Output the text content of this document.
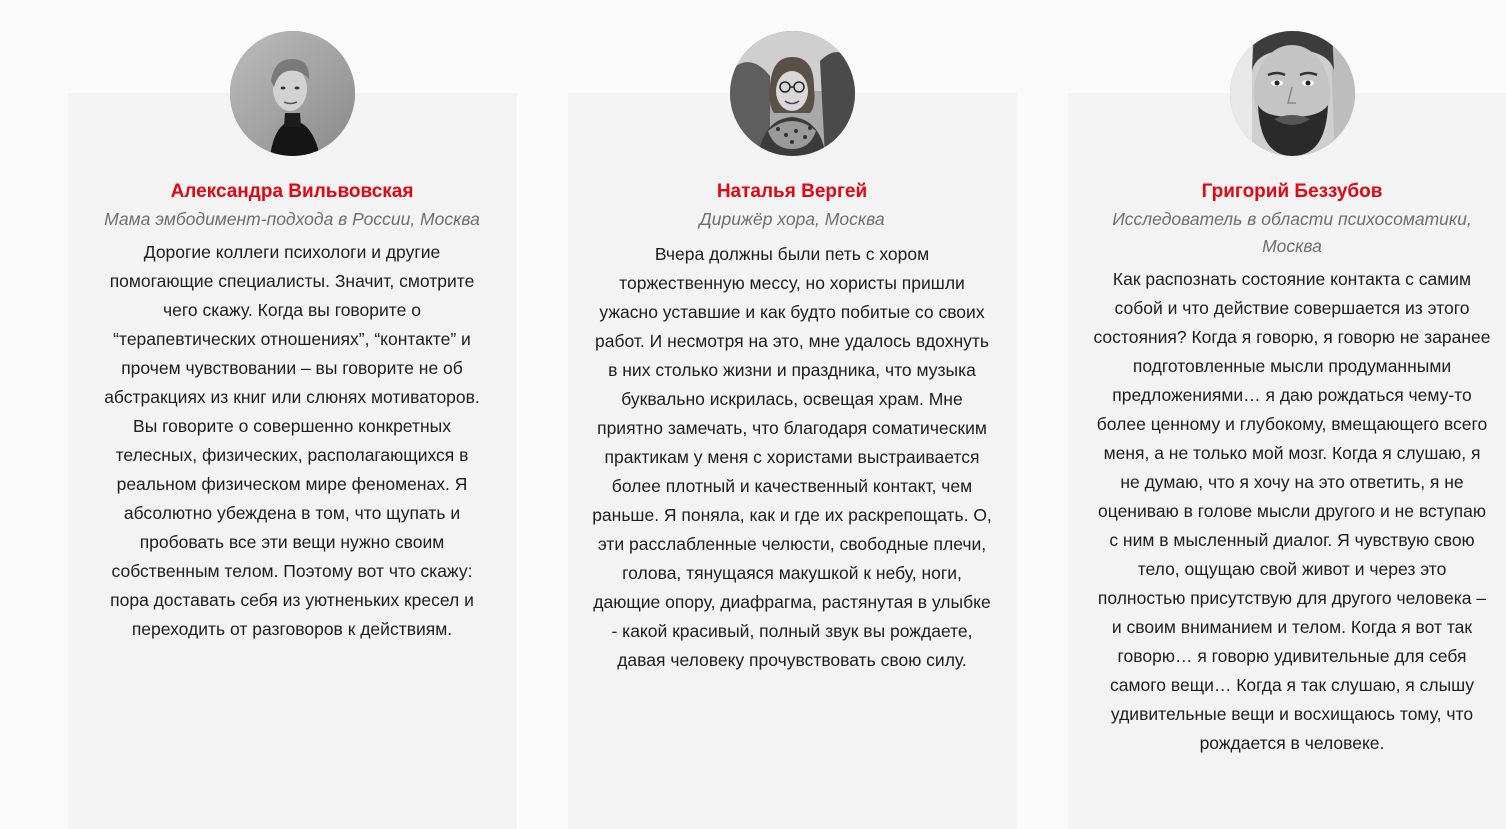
Александра Вильвовская

Мама эмбодимент-подхода в России, Москва

Дорогие коллеги психологи и другие помогающие специалисты. Значит, смотрите чего скажу. Когда вы говорите о “терапевтических отношениях”, “контакте” и прочем чувствовании – вы говорите не об абстракциях из книг или слюнях мотиваторов. Вы говорите о совершенно конкретных телесных, физических, располагающихся в реальном физическом мире феноменах. Я абсолютно убеждена в том, что щупать и пробовать все эти вещи нужно своим собственным телом. Поэтому вот что скажу: пора доставать себя из уютненьких кресел и переходить от разговоров к действиям.

Наталья Вергей

Дирижёр хора, Москва

Вчера должны были петь с хором торжественную мессу, но хористы пришли ужасно уставшие и как будто побитые со своих работ. И несмотря на это, мне удалось вдохнуть в них столько жизни и праздника, что музыка буквально искрилась, освещая храм. Мне приятно замечать, что благодаря соматическим практикам у меня с хористами выстраивается более плотный и качественный контакт, чем раньше. Я поняла, как и где их раскрепощать. О, эти расслабленные челюсти, свободные плечи, голова, тянущаяся макушкой к небу, ноги, дающие опору, диафрагма, растянутая в улыбке - какой красивый, полный звук вы рождаете, давая человеку прочувствовать свою силу.

Григорий Беззубов

Исследователь в области психосоматики, Москва

Как распознать состояние контакта с самим собой и что действие совершается из этого состояния? Когда я говорю, я говорю не заранее подготовленные мысли продуманными предложениями… я даю рождаться чему-то более ценному и глубокому, вмещающего всего меня, а не только мой мозг. Когда я слушаю, я не думаю, что я хочу на это ответить, я не оцениваю в голове мысли другого и не вступаю с ним в мысленный диалог. Я чувствую свою тело, ощущаю свой живот и через это полностью присутствую для другого человека – и своим вниманием и телом. Когда я вот так говорю… я говорю удивительные для себя самого вещи… Когда я так слушаю, я слышу удивительные вещи и восхищаюсь тому, что рождается в человеке.
